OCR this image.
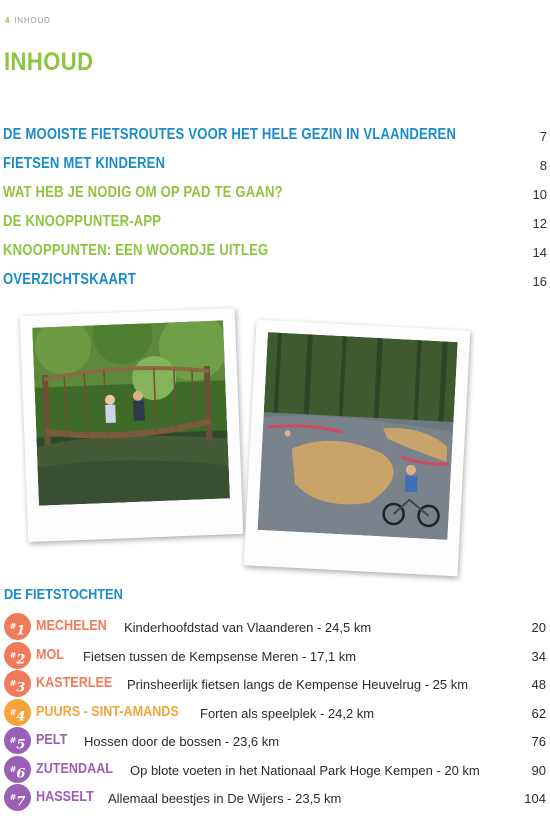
4 INHOUD
INHOUD
DE MOOISTE FIETSROUTES VOOR HET HELE GEZIN IN VLAANDEREN	7
FIETSEN MET KINDEREN	8
WAT HEB JE NODIG OM OP PAD TE GAAN?	10
DE KNOOPPUNTER-APP	12
KNOOPPUNTEN: EEN WOORDJE UITLEG	14
OVERZICHTSKAART	16
DE FIETSTOCHTEN
#1 MECHELEN Kinderhoofdstad van Vlaanderen - 24,5 km	20
#2 MOL Fietsen tussen de Kempsense Meren - 17,1 km	34
#3 KASTERLEE Prinsheerlijk fietsen langs de Kempense Heuvelrug - 25 km	48
#4 PUURS - SINT-AMANDS Forten als speelplek - 24,2 km	62
#5 PELT Hossen door de bossen - 23,6 km	76
#6 ZUTENDAAL Op blote voeten in het Nationaal Park Hoge Kempen - 20 km	90
#7 HASSELT Allemaal beestjes in De Wijers - 23,5 km	104
